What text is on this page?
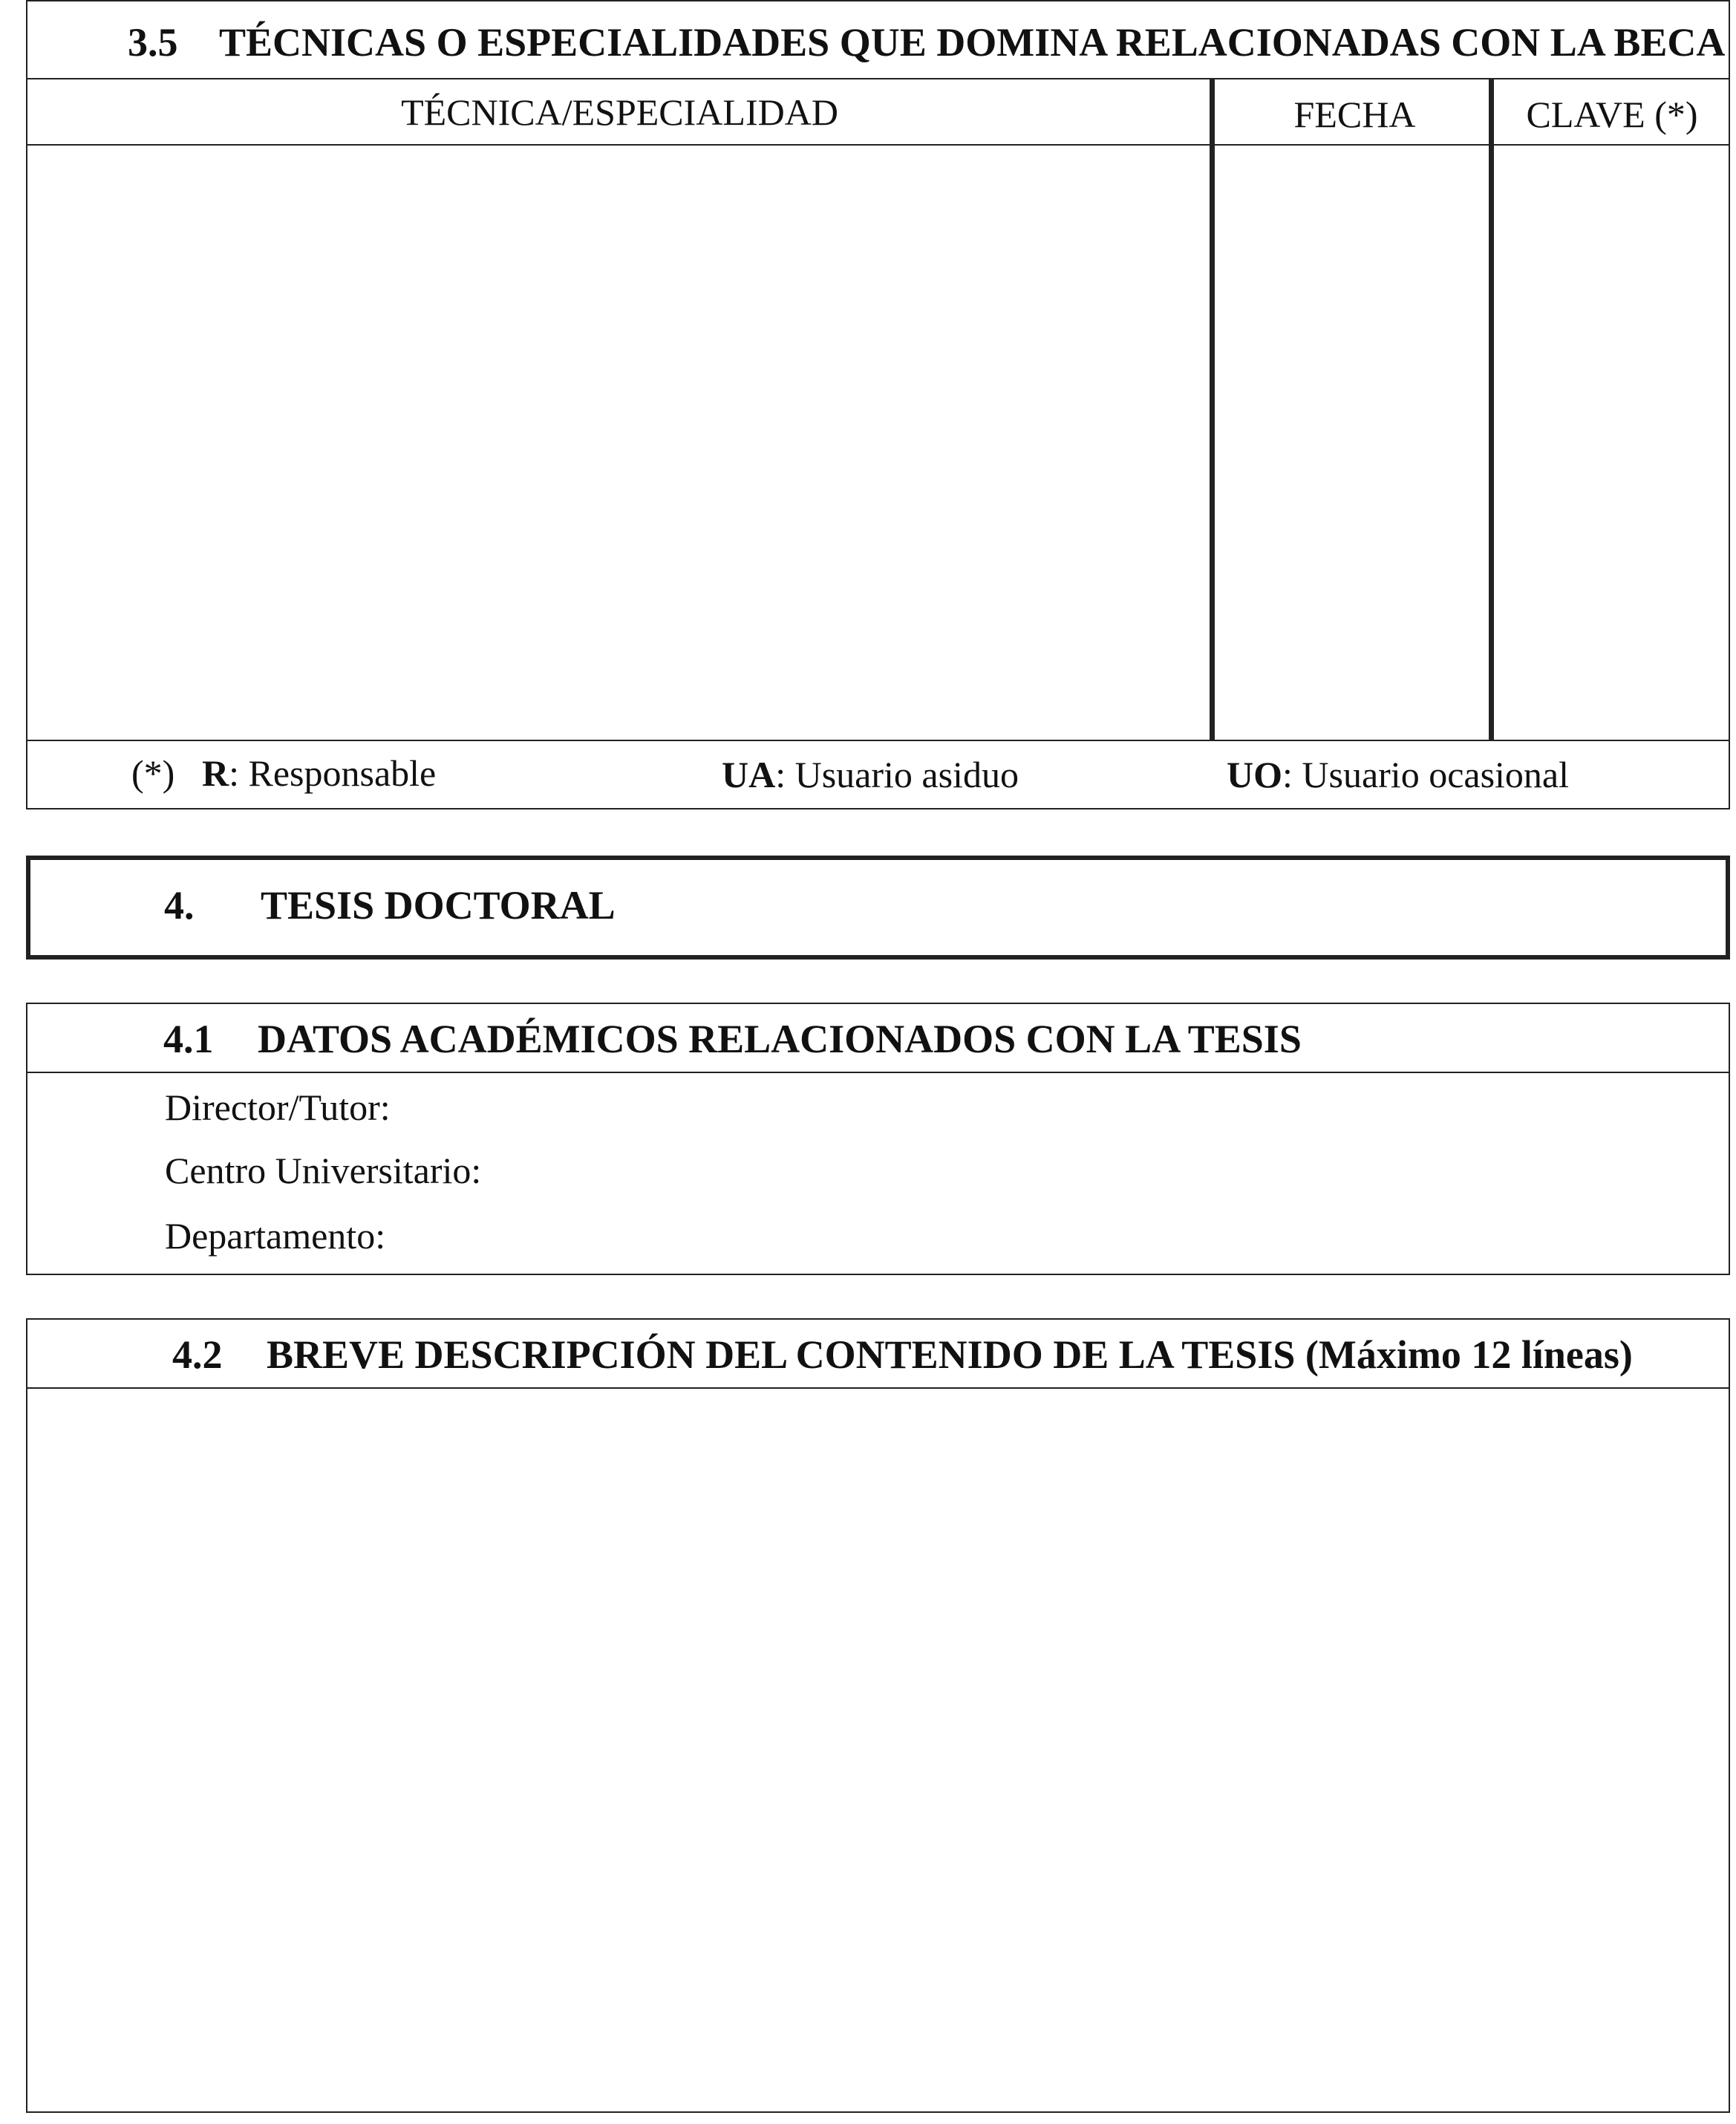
3.5 TÉCNICAS O ESPECIALIDADES QUE DOMINA RELACIONADAS CON LA BECA
TÉCNICA/ESPECIALIDAD	FECHA	CLAVE (*)
(*) R: Responsable	UA: Usuario asiduo	UO: Usuario ocasional
4. TESIS DOCTORAL
4.1 DATOS ACADÉMICOS RELACIONADOS CON LA TESIS
Director/Tutor:
Centro Universitario:
Departamento:
4.2 BREVE DESCRIPCIÓN DEL CONTENIDO DE LA TESIS (Máximo 12 líneas)
